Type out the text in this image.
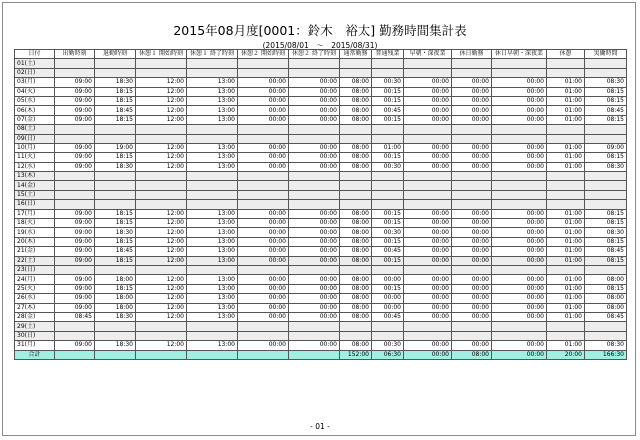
2015年08月度[0001：鈴木　裕太] 勤務時間集計表
(2015/08/01　～　2015/08/31)
日付	出勤時刻	退勤時刻	休憩１ 開始時刻	休憩１ 終了時刻	休憩２ 開始時刻	休憩２ 終了時刻	通常勤務	普通残業	早朝・深夜業	休日勤務	休日早朝・深夜業	休憩	実働時間
01(土)													
02(日)													
03(月)	09:00	18:30	12:00	13:00	00:00	00:00	08:00	00:30	00:00	00:00	00:00	01:00	08:30
04(火)	09:00	18:15	12:00	13:00	00:00	00:00	08:00	00:15	00:00	00:00	00:00	01:00	08:15
05(水)	09:00	18:15	12:00	13:00	00:00	00:00	08:00	00:15	00:00	00:00	00:00	01:00	08:15
06(木)	09:00	18:45	12:00	13:00	00:00	00:00	08:00	00:45	00:00	00:00	00:00	01:00	08:45
07(金)	09:00	18:15	12:00	13:00	00:00	00:00	08:00	00:15	00:00	00:00	00:00	01:00	08:15
08(土)													
09(日)													
10(月)	09:00	19:00	12:00	13:00	00:00	00:00	08:00	01:00	00:00	00:00	00:00	01:00	09:00
11(火)	09:00	18:15	12:00	13:00	00:00	00:00	08:00	00:15	00:00	00:00	00:00	01:00	08:15
12(水)	09:00	18:30	12:00	13:00	00:00	00:00	08:00	00:30	00:00	00:00	00:00	01:00	08:30
13(木)													
14(金)													
15(土)													
16(日)													
17(月)	09:00	18:15	12:00	13:00	00:00	00:00	08:00	00:15	00:00	00:00	00:00	01:00	08:15
18(火)	09:00	18:15	12:00	13:00	00:00	00:00	08:00	00:15	00:00	00:00	00:00	01:00	08:15
19(水)	09:00	18:30	12:00	13:00	00:00	00:00	08:00	00:30	00:00	00:00	00:00	01:00	08:30
20(木)	09:00	18:15	12:00	13:00	00:00	00:00	08:00	00:15	00:00	00:00	00:00	01:00	08:15
21(金)	09:00	18:45	12:00	13:00	00:00	00:00	08:00	00:45	00:00	00:00	00:00	01:00	08:45
22(土)	09:00	18:15	12:00	13:00	00:00	00:00	08:00	00:15	00:00	00:00	00:00	01:00	08:15
23(日)													
24(月)	09:00	18:00	12:00	13:00	00:00	00:00	08:00	00:00	00:00	00:00	00:00	01:00	08:00
25(火)	09:00	18:15	12:00	13:00	00:00	00:00	08:00	00:15	00:00	00:00	00:00	01:00	08:15
26(水)	09:00	18:00	12:00	13:00	00:00	00:00	08:00	00:00	00:00	00:00	00:00	01:00	08:00
27(木)	09:00	18:00	12:00	13:00	00:00	00:00	08:00	00:00	00:00	00:00	00:00	01:00	08:00
28(金)	08:45	18:30	12:00	13:00	00:00	00:00	08:00	00:45	00:00	00:00	00:00	01:00	08:45
29(土)													
30(日)													
31(月)	09:00	18:30	12:00	13:00	00:00	00:00	08:00	00:30	00:00	00:00	00:00	01:00	08:30
合計							152:00	06:30	00:00	08:00	00:00	20:00	166:30
- 01 -
